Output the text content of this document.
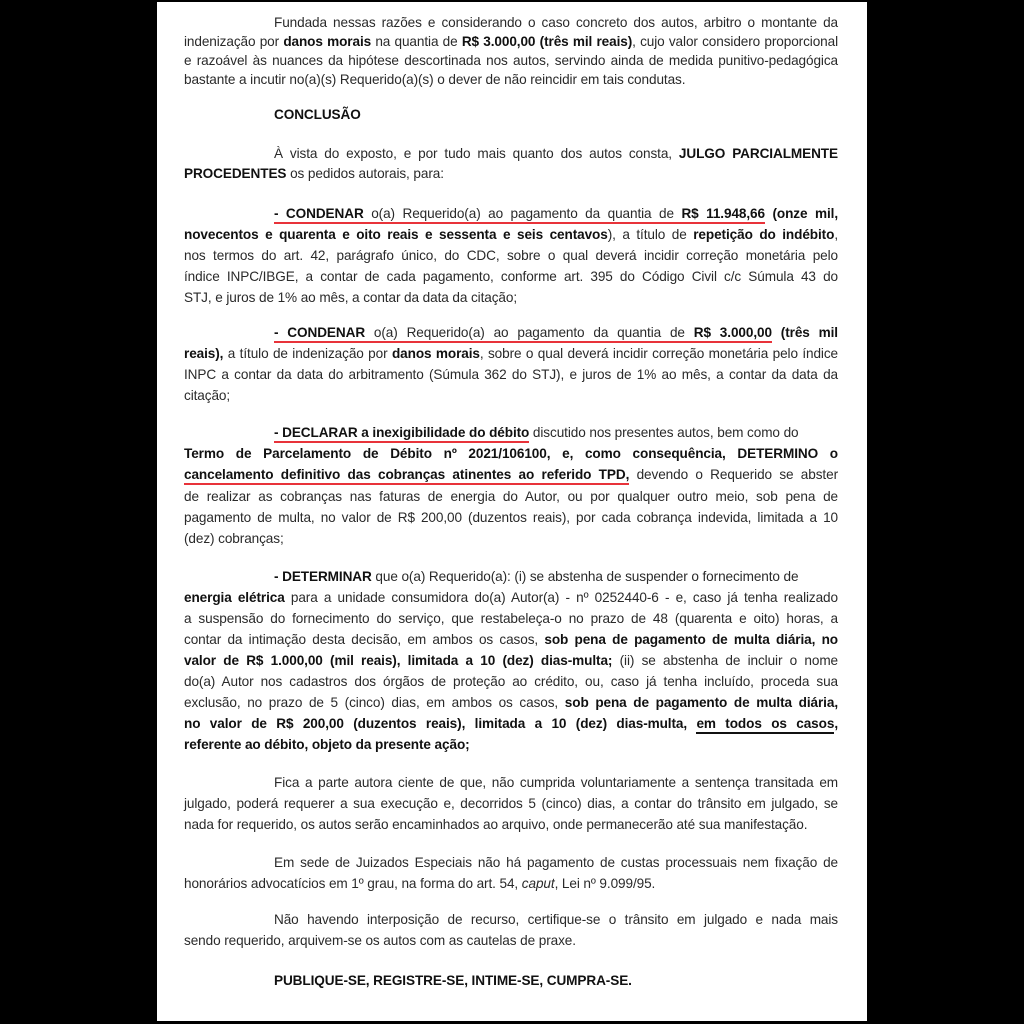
Fundada nessas razões e considerando o caso concreto dos autos, arbitro o montante da
indenização por danos morais na quantia de R$ 3.000,00 (três mil reais), cujo valor considero proporcional
e razoável às nuances da hipótese descortinada nos autos, servindo ainda de medida punitivo-pedagógica
bastante a incutir no(a)(s) Requerido(a)(s) o dever de não reincidir em tais condutas.
CONCLUSÃO
À vista do exposto, e por tudo mais quanto dos autos consta, JULGO PARCIALMENTE
PROCEDENTES os pedidos autorais, para:
- CONDENAR o(a) Requerido(a) ao pagamento da quantia de R$ 11.948,66 (onze mil,
novecentos e quarenta e oito reais e sessenta e seis centavos), a título de repetição do indébito,
nos termos do art. 42, parágrafo único, do CDC, sobre o qual deverá incidir correção monetária pelo
índice INPC/IBGE, a contar de cada pagamento, conforme art. 395 do Código Civil c/c Súmula 43 do
STJ, e juros de 1% ao mês, a contar da data da citação;
- CONDENAR o(a) Requerido(a) ao pagamento da quantia de R$ 3.000,00 (três mil
reais), a título de indenização por danos morais, sobre o qual deverá incidir correção monetária pelo índice
INPC a contar da data do arbitramento (Súmula 362 do STJ), e juros de 1% ao mês, a contar da data da
citação;
- DECLARAR a inexigibilidade do débito discutido nos presentes autos, bem como do
Termo de Parcelamento de Débito nº 2021/106100, e, como consequência, DETERMINO o
cancelamento definitivo das cobranças atinentes ao referido TPD, devendo o Requerido se abster
de realizar as cobranças nas faturas de energia do Autor, ou por qualquer outro meio, sob pena de
pagamento de multa, no valor de R$ 200,00 (duzentos reais), por cada cobrança indevida, limitada a 10
(dez) cobranças;
- DETERMINAR que o(a) Requerido(a): (i) se abstenha de suspender o fornecimento de
energia elétrica para a unidade consumidora do(a) Autor(a) - nº 0252440-6 - e, caso já tenha realizado
a suspensão do fornecimento do serviço, que restabeleça-o no prazo de 48 (quarenta e oito) horas, a
contar da intimação desta decisão, em ambos os casos, sob pena de pagamento de multa diária, no
valor de R$ 1.000,00 (mil reais), limitada a 10 (dez) dias-multa; (ii) se abstenha de incluir o nome
do(a) Autor nos cadastros dos órgãos de proteção ao crédito, ou, caso já tenha incluído, proceda sua
exclusão, no prazo de 5 (cinco) dias, em ambos os casos, sob pena de pagamento de multa diária,
no valor de R$ 200,00 (duzentos reais), limitada a 10 (dez) dias-multa, em todos os casos,
referente ao débito, objeto da presente ação;
Fica a parte autora ciente de que, não cumprida voluntariamente a sentença transitada em
julgado, poderá requerer a sua execução e, decorridos 5 (cinco) dias, a contar do trânsito em julgado, se
nada for requerido, os autos serão encaminhados ao arquivo, onde permanecerão até sua manifestação.
Em sede de Juizados Especiais não há pagamento de custas processuais nem fixação de
honorários advocatícios em 1º grau, na forma do art. 54, caput, Lei nº 9.099/95.
Não havendo interposição de recurso, certifique-se o trânsito em julgado e nada mais
sendo requerido, arquivem-se os autos com as cautelas de praxe.
PUBLIQUE-SE, REGISTRE-SE, INTIME-SE, CUMPRA-SE.
